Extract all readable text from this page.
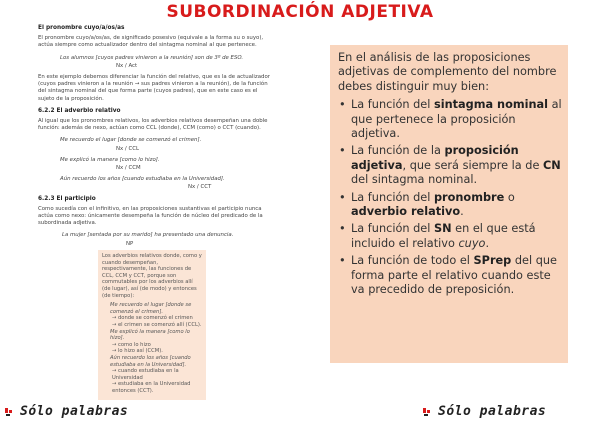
SUBORDINACIÓN ADJETIVA
El pronombre cuyo/a/os/as

El pronombre cuyo/a/os/as, de significado posesivo (equivale a la forma su o suyo), actúa siempre como actualizador dentro del sintagma nominal al que pertenece.

Los alumnos [cuyos padres vinieron a la reunión] son de 3º de ESO.
Nx / Act

En este ejemplo debemos diferenciar la función del relativo, que es la de actualizador (cuyos padres vinieron a la reunión → sus padres vinieron a la reunión), de la función del sintagma nominal del que forma parte (cuyos padres), que en este caso es el sujeto de la proposición.

6.2.2 El adverbio relativo

Al igual que los pronombres relativos, los adverbios relativos desempeñan una doble función: además de nexo, actúan como CCL (donde), CCM (como) o CCT (cuando).

Me recuerdo el lugar [donde se comenzó el crimen].
Nx / CCL
Me explicó la manera [como lo hizo].
Nx / CCM
Aún recuerdo los años [cuando estudiaba en la Universidad].
Nx / CCT
6.2.3 El participio

Como sucedía con el infinitivo, en las proposiciones sustantivas el participio nunca actúa como nexo: únicamente desempeña la función de núcleo del predicado de la subordinada adjetiva.

La mujer [sentada por su marido] ha presentado una denuncia.
NP

Los adverbios relativos donde, como y cuando desempeñan, respectivamente, las funciones de CCL, CCM y CCT, porque son commutables por los adverbios allí (de lugar), así (de modo) y entonces (de tiempo):

Me recuerdo el lugar [donde se comenzó el crimen].
→ donde se comenzó el crimen
→ el crimen se comenzó allí (CCL).
Me explicó la manera [como lo hizo].
→ como lo hizo
→ lo hizo así (CCM).
Aún recuerdo los años [cuando estudiaba en la Universidad].
→ cuando estudiaba en la Universidad
→ estudiaba en la Universidad entonces (CCT).

En el análisis de las proposiciones adjetivas de complemento del nombre debes distinguir muy bien:

• La función del sintagma nominal al que pertenece la proposición adjetiva.
• La función de la proposición adjetiva, que será siempre la de CN del sintagma nominal.
• La función del pronombre o adverbio relativo.
• La función del SN en el que está incluido el relativo cuyo.
• La función de todo el SPrep del que forma parte el relativo cuando este va precedido de preposición.
Sólo palabras	Sólo palabras
